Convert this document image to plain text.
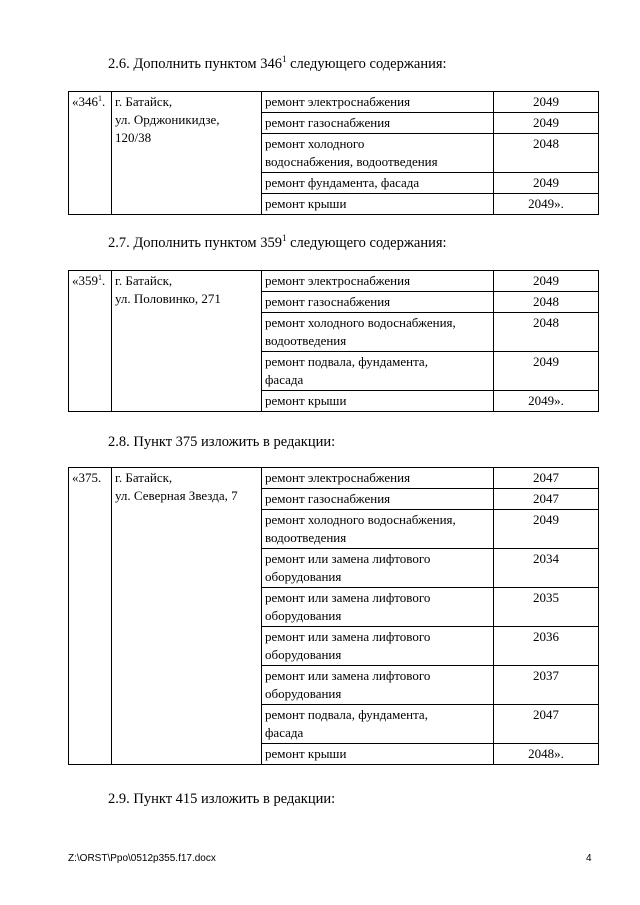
2.6. Дополнить пунктом $346^1$ следующего содержания:
«$346^1$.	г. Батайск,
ул. Орджоникидзе,
120/38	ремонт электроснабжения	2049
		ремонт газоснабжения	2049
		ремонт холодного
водоснабжения, водоотведения	2048
		ремонт фундамента, фасада	2049
		ремонт крыши	2049».
2.7. Дополнить пунктом $359^1$ следующего содержания:
«$359^1$.	г. Батайск,
ул. Половинко, 271	ремонт электроснабжения	2049
		ремонт газоснабжения	2048
		ремонт холодного водоснабжения,
водоотведения	2048
		ремонт подвала, фундамента,
фасада	2049
		ремонт крыши	2049».
2.8. Пункт 375 изложить в редакции:
«375.	г. Батайск,
ул. Северная Звезда, 7	ремонт электроснабжения	2047
		ремонт газоснабжения	2047
		ремонт холодного водоснабжения,
водоотведения	2049
		ремонт или замена лифтового
оборудования	2034
		ремонт или замена лифтового
оборудования	2035
		ремонт или замена лифтового
оборудования	2036
		ремонт или замена лифтового
оборудования	2037
		ремонт подвала, фундамента,
фасада	2047
		ремонт крыши	2048».
2.9. Пункт 415 изложить в редакции:
Z:\ORST\Ppo\0512p355.f17.docx	4
